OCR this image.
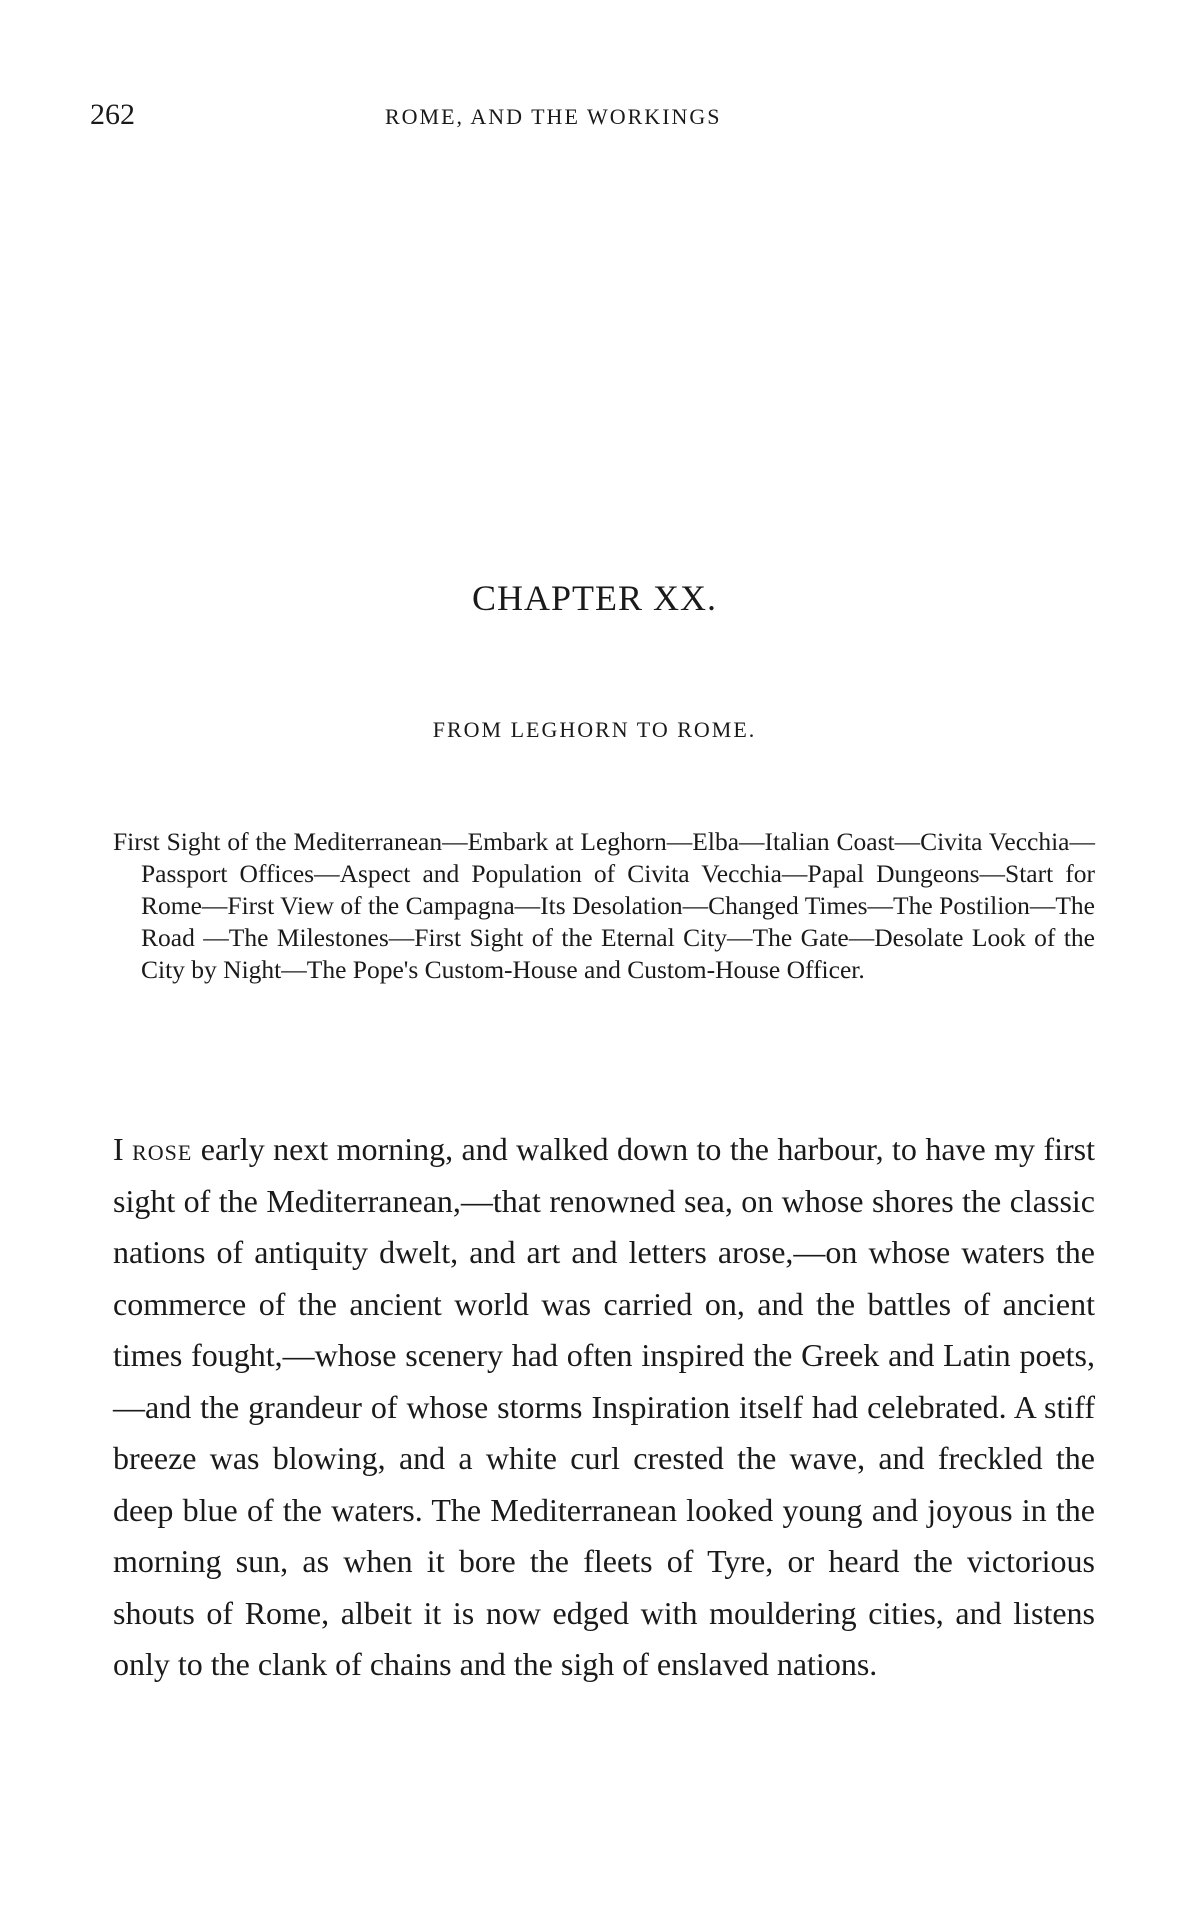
262	ROME, AND THE WORKINGS
CHAPTER XX.
FROM LEGHORN TO ROME.
First Sight of the Mediterranean—Embark at Leghorn—Elba—Italian Coast—Civita Vecchia—Passport Offices—Aspect and Population of Civita Vecchia—Papal Dungeons—Start for Rome—First View of the Campagna—Its Desolation—Changed Times—The Postilion—The Road —The Milestones—First Sight of the Eternal City—The Gate—Desolate Look of the City by Night—The Pope's Custom-House and Custom-House Officer.

I rose early next morning, and walked down to the harbour, to have my first sight of the Mediterranean,—that renowned sea, on whose shores the classic nations of antiquity dwelt, and art and letters arose,—on whose waters the commerce of the ancient world was carried on, and the battles of ancient times fought,—whose scenery had often inspired the Greek and Latin poets,—and the grandeur of whose storms Inspiration itself had celebrated. A stiff breeze was blowing, and a white curl crested the wave, and freckled the deep blue of the waters. The Mediterranean looked young and joyous in the morning sun, as when it bore the fleets of Tyre, or heard the victorious shouts of Rome, albeit it is now edged with mouldering cities, and listens only to the clank of chains and the sigh of enslaved nations.
